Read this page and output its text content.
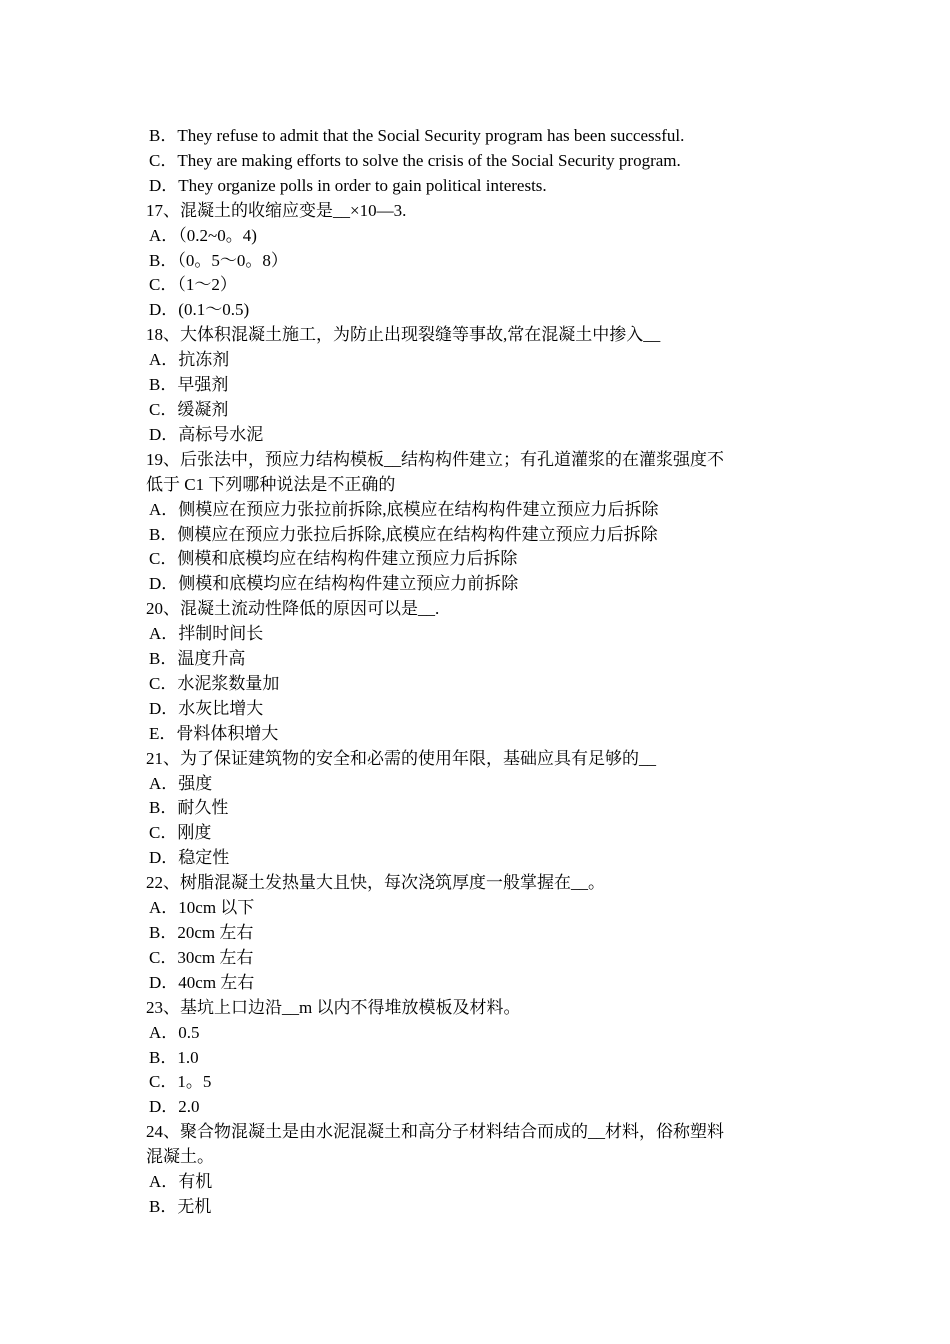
B．They refuse to admit that the Social Security program has been successful.
C．They are making efforts to solve the crisis of the Social Security program.
D．They organize polls in order to gain political interests.
17、混凝土的收缩应变是__×10—3.
A．（0.2~0。4)
B．（0。5～0。8）
C．（1～2）
D．(0.1～0.5)
18、大体积混凝土施工，为防止出现裂缝等事故,常在混凝土中掺入__
A．抗冻剂
B．早强剂
C．缓凝剂
D．高标号水泥
19、后张法中，预应力结构模板__结构构件建立；有孔道灌浆的在灌浆强度不
低于 C1 下列哪种说法是不正确的
A．侧模应在预应力张拉前拆除,底模应在结构构件建立预应力后拆除
B．侧模应在预应力张拉后拆除,底模应在结构构件建立预应力后拆除
C．侧模和底模均应在结构构件建立预应力后拆除
D．侧模和底模均应在结构构件建立预应力前拆除
20、混凝土流动性降低的原因可以是__.
A．拌制时间长
B．温度升高
C．水泥浆数量加
D．水灰比增大
E．骨料体积增大
21、为了保证建筑物的安全和必需的使用年限，基础应具有足够的__
A．强度
B．耐久性
C．刚度
D．稳定性
22、树脂混凝土发热量大且快，每次浇筑厚度一般掌握在__。
A．10cm 以下
B．20cm 左右
C．30cm 左右
D．40cm 左右
23、基坑上口边沿__m 以内不得堆放模板及材料。
A．0.5
B．1.0
C．1。5
D．2.0
24、聚合物混凝土是由水泥混凝土和高分子材料结合而成的__材料，俗称塑料
混凝土。
A．有机
B．无机
